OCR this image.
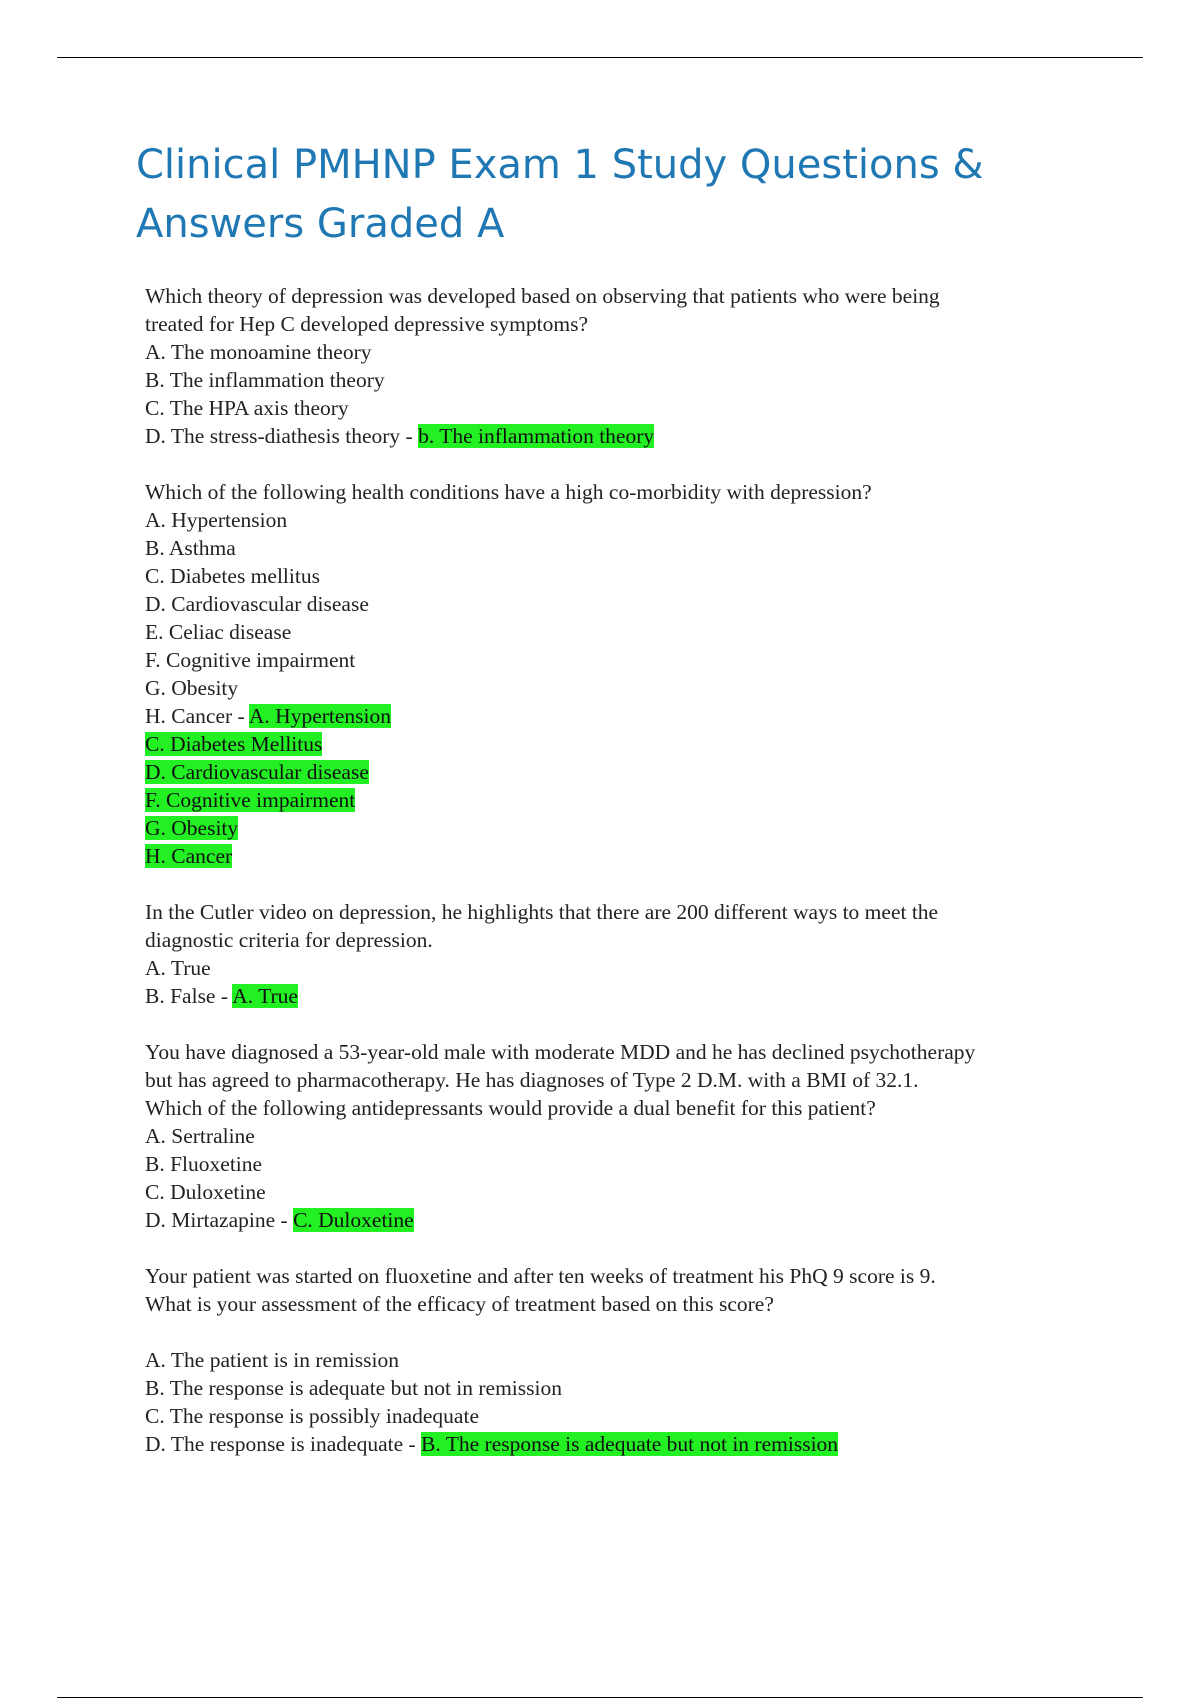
Clinical PMHNP Exam 1 Study Questions & Answers Graded A
Which theory of depression was developed based on observing that patients who were being
treated for Hep C developed depressive symptoms?
A. The monoamine theory
B. The inflammation theory
C. The HPA axis theory
D. The stress-diathesis theory - b. The inflammation theory
Which of the following health conditions have a high co-morbidity with depression?
A. Hypertension
B. Asthma
C. Diabetes mellitus
D. Cardiovascular disease
E. Celiac disease
F. Cognitive impairment
G. Obesity
H. Cancer - A. Hypertension
C. Diabetes Mellitus
D. Cardiovascular disease
F. Cognitive impairment
G. Obesity
H. Cancer
In the Cutler video on depression, he highlights that there are 200 different ways to meet the
diagnostic criteria for depression.
A. True
B. False - A. True
You have diagnosed a 53-year-old male with moderate MDD and he has declined psychotherapy
but has agreed to pharmacotherapy. He has diagnoses of Type 2 D.M. with a BMI of 32.1.
Which of the following antidepressants would provide a dual benefit for this patient?
A. Sertraline
B. Fluoxetine
C. Duloxetine
D. Mirtazapine - C. Duloxetine
Your patient was started on fluoxetine and after ten weeks of treatment his PhQ 9 score is 9.
What is your assessment of the efficacy of treatment based on this score?
A. The patient is in remission
B. The response is adequate but not in remission
C. The response is possibly inadequate
D. The response is inadequate - B. The response is adequate but not in remission
